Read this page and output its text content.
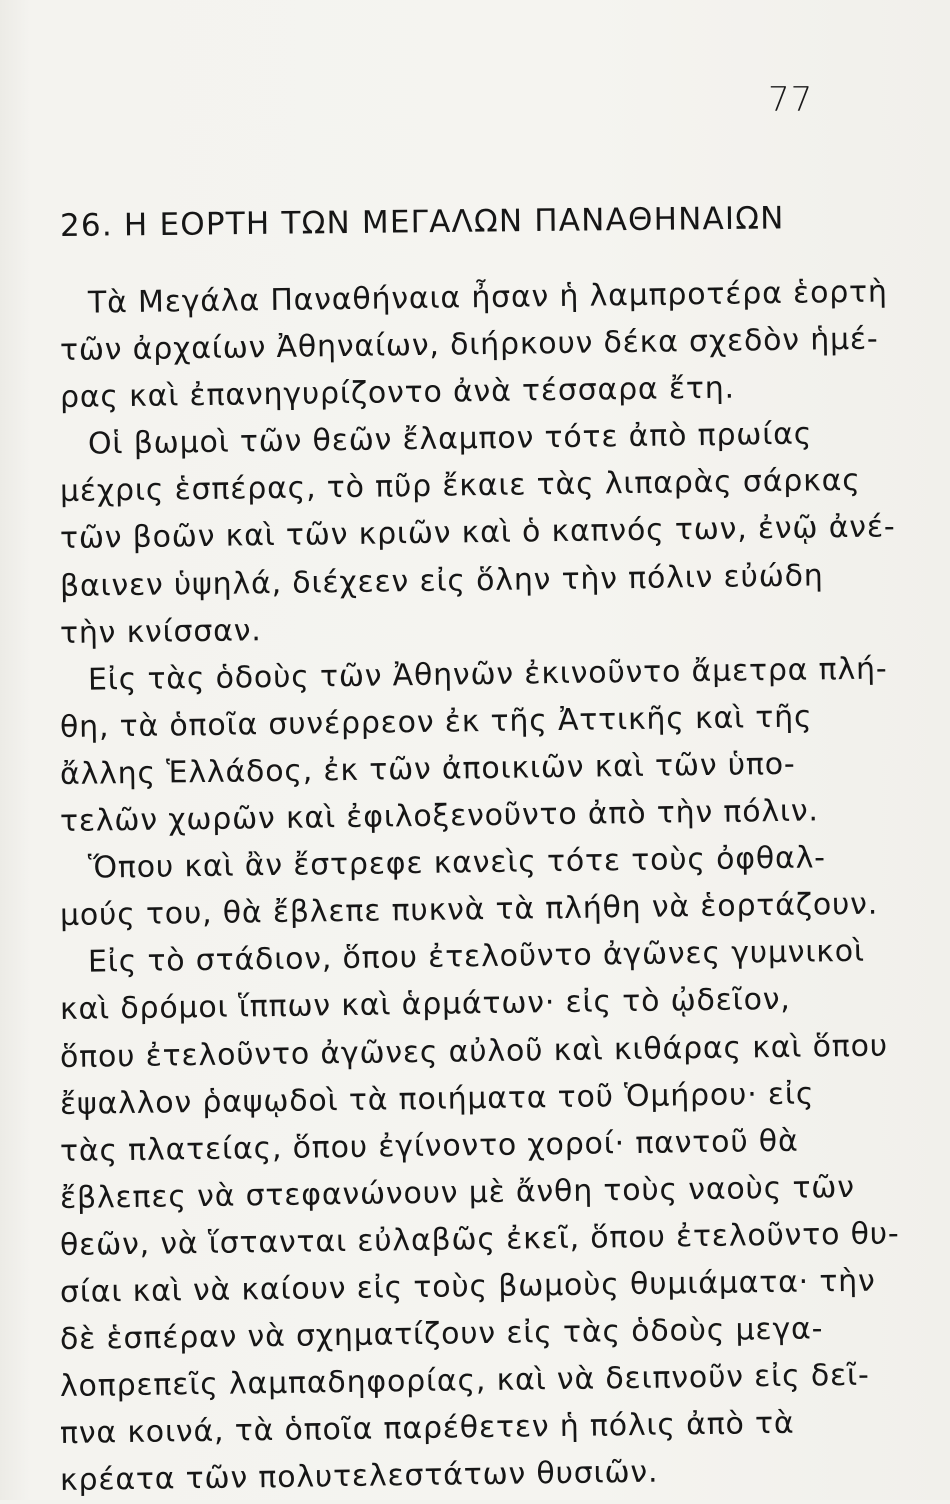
77
26. Η ΕΟΡΤΗ ΤΩΝ ΜΕΓΑΛΩΝ ΠΑΝΑΘΗΝΑΙΩΝ
Τὰ Μεγάλα Παναθήναια ἦσαν ἡ λαμπροτέρα ἑορτὴ
τῶν ἀρχαίων Ἀθηναίων, διήρκουν δέκα σχεδὸν ἡμέ-
ρας καὶ ἐπανηγυρίζοντο ἀνὰ τέσσαρα ἔτη.
Οἱ βωμοὶ τῶν θεῶν ἔλαμπον τότε ἀπὸ πρωίας
μέχρις ἑσπέρας, τὸ πῦρ ἔκαιε τὰς λιπαρὰς σάρκας
τῶν βοῶν καὶ τῶν κριῶν καὶ ὁ καπνός των, ἐνῷ ἀνέ-
βαινεν ὑψηλά, διέχεεν εἰς ὅλην τὴν πόλιν εὐώδη
τὴν κνίσσαν.
Εἰς τὰς ὁδοὺς τῶν Ἀθηνῶν ἐκινοῦντο ἄμετρα πλή-
θη, τὰ ὁποῖα συνέρρεον ἐκ τῆς Ἀττικῆς καὶ τῆς
ἄλλης Ἑλλάδος, ἐκ τῶν ἀποικιῶν καὶ τῶν ὑπο-
τελῶν χωρῶν καὶ ἐφιλοξενοῦντο ἀπὸ τὴν πόλιν.
Ὅπου καὶ ἂν ἔστρεφε κανεὶς τότε τοὺς ὀφθαλ-
μούς του, θὰ ἔβλεπε πυκνὰ τὰ πλήθη νὰ ἑορτάζουν.
Εἰς τὸ στάδιον, ὅπου ἐτελοῦντο ἀγῶνες γυμνικοὶ
καὶ δρόμοι ἵππων καὶ ἁρμάτων· εἰς τὸ ᾠδεῖον,
ὅπου ἐτελοῦντο ἀγῶνες αὐλοῦ καὶ κιθάρας καὶ ὅπου
ἔψαλλον ῥαψῳδοὶ τὰ ποιήματα τοῦ Ὁμήρου· εἰς
τὰς πλατείας, ὅπου ἐγίνοντο χοροί· παντοῦ θὰ
ἔβλεπες νὰ στεφανώνουν μὲ ἄνθη τοὺς ναοὺς τῶν
θεῶν, νὰ ἵστανται εὐλαβῶς ἐκεῖ, ὅπου ἐτελοῦντο θυ-
σίαι καὶ νὰ καίουν εἰς τοὺς βωμοὺς θυμιάματα· τὴν
δὲ ἑσπέραν νὰ σχηματίζουν εἰς τὰς ὁδοὺς μεγα-
λοπρεπεῖς λαμπαδηφορίας, καὶ νὰ δειπνοῦν εἰς δεῖ-
πνα κοινά, τὰ ὁποῖα παρέθετεν ἡ πόλις ἀπὸ τὰ
κρέατα τῶν πολυτελεστάτων θυσιῶν.
